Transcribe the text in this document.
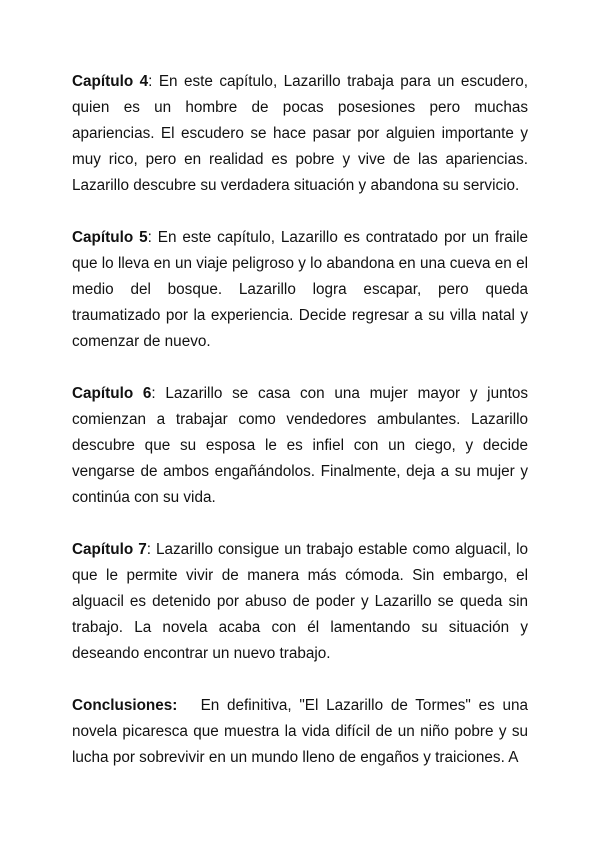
Capítulo 4: En este capítulo, Lazarillo trabaja para un escudero, quien es un hombre de pocas posesiones pero muchas apariencias. El escudero se hace pasar por alguien importante y muy rico, pero en realidad es pobre y vive de las apariencias. Lazarillo descubre su verdadera situación y abandona su servicio.

Capítulo 5: En este capítulo, Lazarillo es contratado por un fraile que lo lleva en un viaje peligroso y lo abandona en una cueva en el medio del bosque. Lazarillo logra escapar, pero queda traumatizado por la experiencia. Decide regresar a su villa natal y comenzar de nuevo.

Capítulo 6: Lazarillo se casa con una mujer mayor y juntos comienzan a trabajar como vendedores ambulantes. Lazarillo descubre que su esposa le es infiel con un ciego, y decide vengarse de ambos engañándolos. Finalmente, deja a su mujer y continúa con su vida.

Capítulo 7: Lazarillo consigue un trabajo estable como alguacil, lo que le permite vivir de manera más cómoda. Sin embargo, el alguacil es detenido por abuso de poder y Lazarillo se queda sin trabajo. La novela acaba con él lamentando su situación y deseando encontrar un nuevo trabajo.

Conclusiones:   En definitiva, "El Lazarillo de Tormes" es una novela picaresca que muestra la vida difícil de un niño pobre y su lucha por sobrevivir en un mundo lleno de engaños y traiciones. A
